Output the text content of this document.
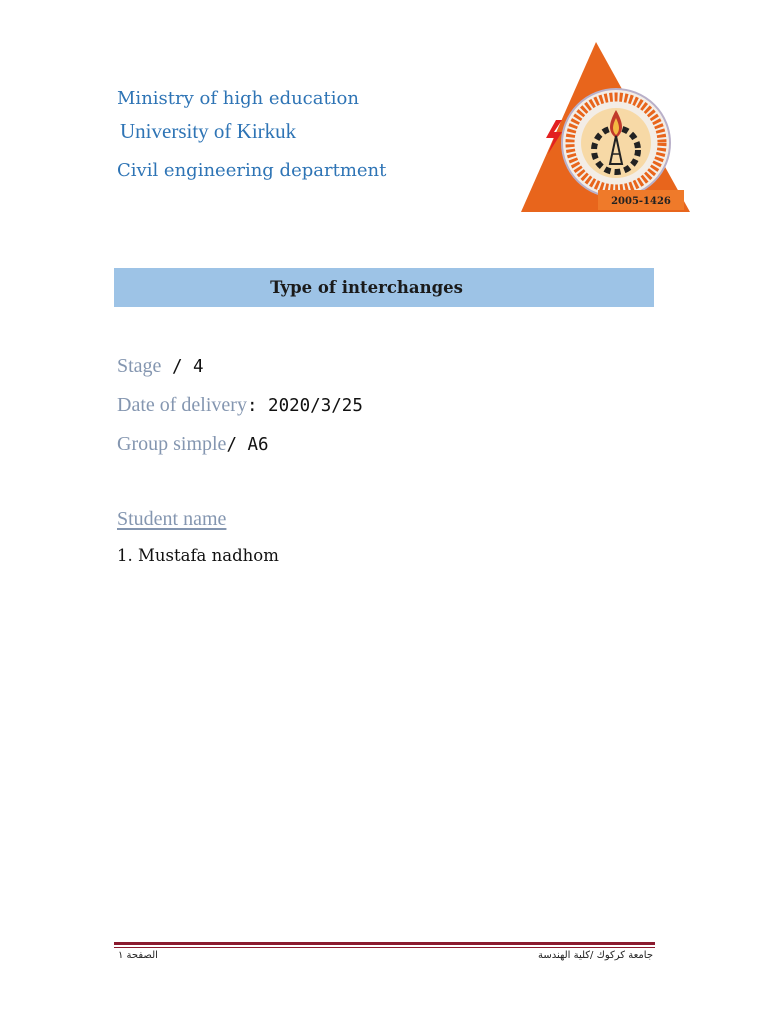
Ministry of high education

University of Kirkuk

Civil engineering department

2005-1426
Type of interchanges
Stage / 4
Date of delivery: 2020/3/25
Group simple/ A6

Student name

1. Mustafa nadhom

الصفحة ١	جامعة كركوك /كلية الهندسة
